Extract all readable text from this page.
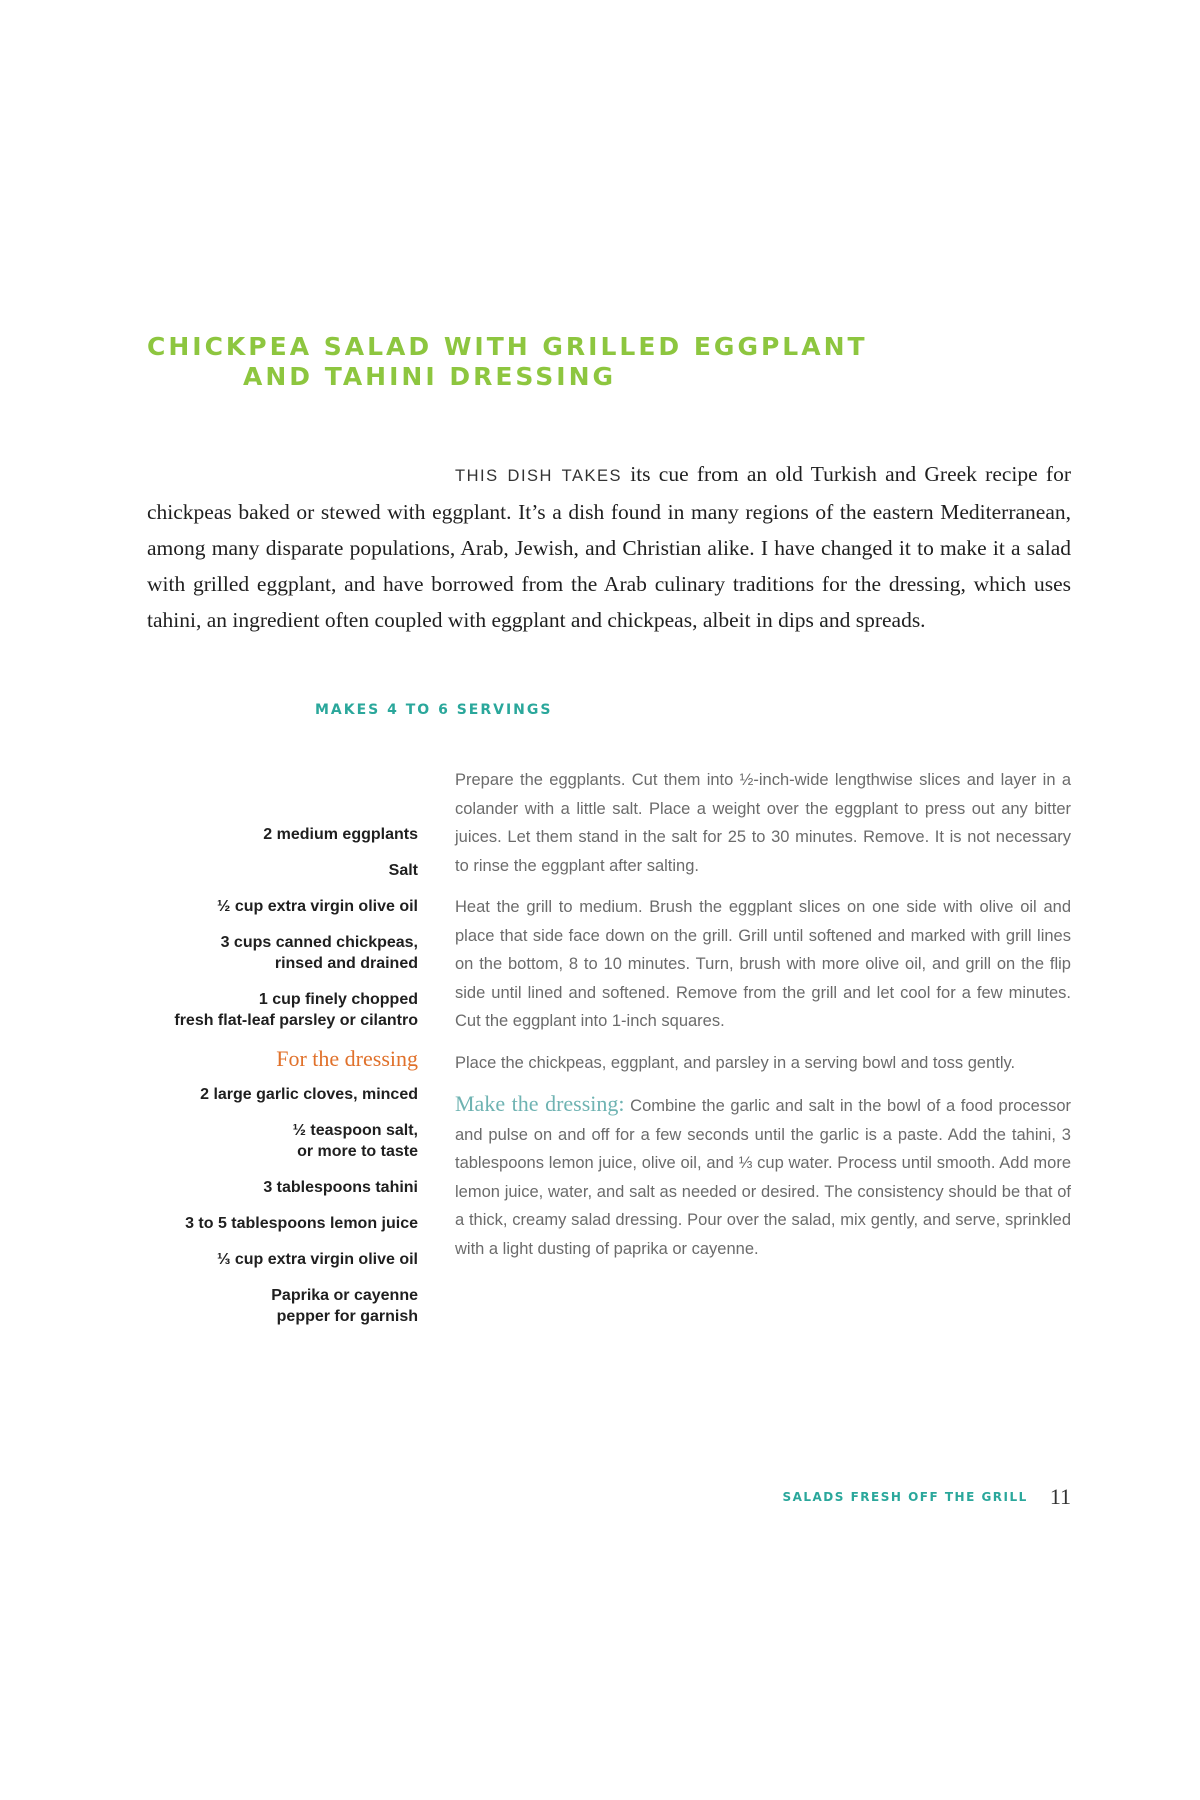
CHICKPEA SALAD WITH GRILLED EGGPLANT
AND TAHINI DRESSING

THIS DISH TAKES its cue from an old Turkish and Greek recipe for chickpeas baked or stewed with eggplant. It’s a dish found in many regions of the eastern Mediterranean, among many disparate populations, Arab, Jewish, and Christian alike. I have changed it to make it a salad with grilled eggplant, and have borrowed from the Arab culinary traditions for the dressing, which uses tahini, an ingredient often coupled with eggplant and chickpeas, albeit in dips and spreads.

MAKES 4 TO 6 SERVINGS

2 medium eggplants

Salt

½ cup extra virgin olive oil

3 cups canned chickpeas,
rinsed and drained

1 cup finely chopped
fresh flat-leaf parsley or cilantro

For the dressing

2 large garlic cloves, minced

½ teaspoon salt,
or more to taste

3 tablespoons tahini

3 to 5 tablespoons lemon juice

⅓ cup extra virgin olive oil

Paprika or cayenne
pepper for garnish

Prepare the eggplants. Cut them into ½-inch-wide lengthwise slices and layer in a colander with a little salt. Place a weight over the eggplant to press out any bitter juices. Let them stand in the salt for 25 to 30 minutes. Remove. It is not necessary to rinse the eggplant after salting.

Heat the grill to medium. Brush the eggplant slices on one side with olive oil and place that side face down on the grill. Grill until softened and marked with grill lines on the bottom, 8 to 10 minutes. Turn, brush with more olive oil, and grill on the flip side until lined and softened. Remove from the grill and let cool for a few minutes. Cut the eggplant into 1-inch squares.

Place the chickpeas, eggplant, and parsley in a serving bowl and toss gently.

Make the dressing: Combine the garlic and salt in the bowl of a food processor and pulse on and off for a few seconds until the garlic is a paste. Add the tahini, 3 tablespoons lemon juice, olive oil, and ⅓ cup water. Process until smooth. Add more lemon juice, water, and salt as needed or desired. The consistency should be that of a thick, creamy salad dressing. Pour over the salad, mix gently, and serve, sprinkled with a light dusting of paprika or cayenne.

SALADS FRESH OFF THE GRILL 11
